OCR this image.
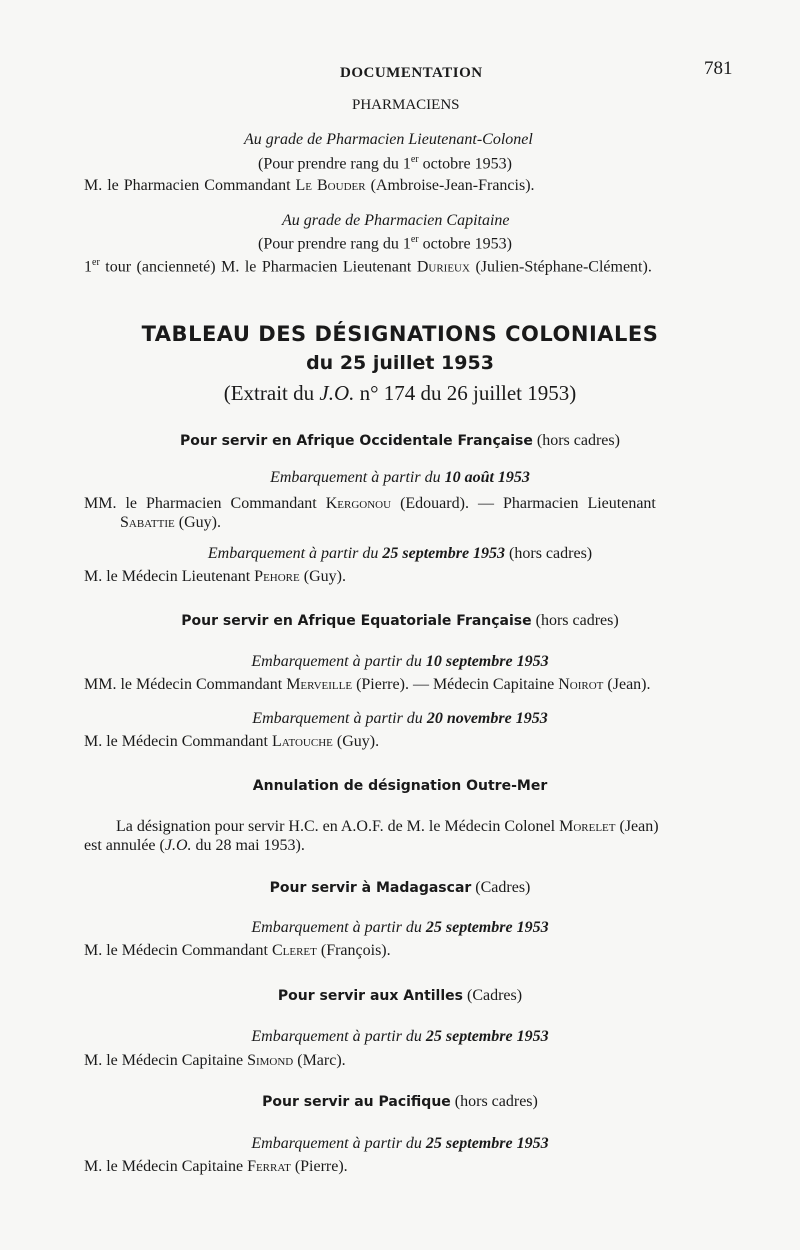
DOCUMENTATION	781
PHARMACIENS
Au grade de Pharmacien Lieutenant-Colonel
(Pour prendre rang du 1er octobre 1953)
M. le Pharmacien Commandant Le Bouder (Ambroise-Jean-Francis).
Au grade de Pharmacien Capitaine
(Pour prendre rang du 1er octobre 1953)
1er tour (ancienneté) M. le Pharmacien Lieutenant Durieux (Julien-Stéphane-Clément).
TABLEAU DES DÉSIGNATIONS COLONIALES
du 25 juillet 1953
(Extrait du J.O. n° 174 du 26 juillet 1953)
Pour servir en Afrique Occidentale Française (hors cadres)
Embarquement à partir du 10 août 1953
MM. le Pharmacien Commandant Kergonou (Edouard). — Pharmacien Lieutenant
Sabattie (Guy).
Embarquement à partir du 25 septembre 1953 (hors cadres)
M. le Médecin Lieutenant Pehore (Guy).
Pour servir en Afrique Equatoriale Française (hors cadres)
Embarquement à partir du 10 septembre 1953
MM. le Médecin Commandant Merveille (Pierre). — Médecin Capitaine Noirot (Jean).
Embarquement à partir du 20 novembre 1953
M. le Médecin Commandant Latouche (Guy).
Annulation de désignation Outre-Mer
La désignation pour servir H.C. en A.O.F. de M. le Médecin Colonel Morelet (Jean)
est annulée (J.O. du 28 mai 1953).
Pour servir à Madagascar (Cadres)
Embarquement à partir du 25 septembre 1953
M. le Médecin Commandant Cleret (François).
Pour servir aux Antilles (Cadres)
Embarquement à partir du 25 septembre 1953
M. le Médecin Capitaine Simond (Marc).
Pour servir au Pacifique (hors cadres)
Embarquement à partir du 25 septembre 1953
M. le Médecin Capitaine Ferrat (Pierre).
